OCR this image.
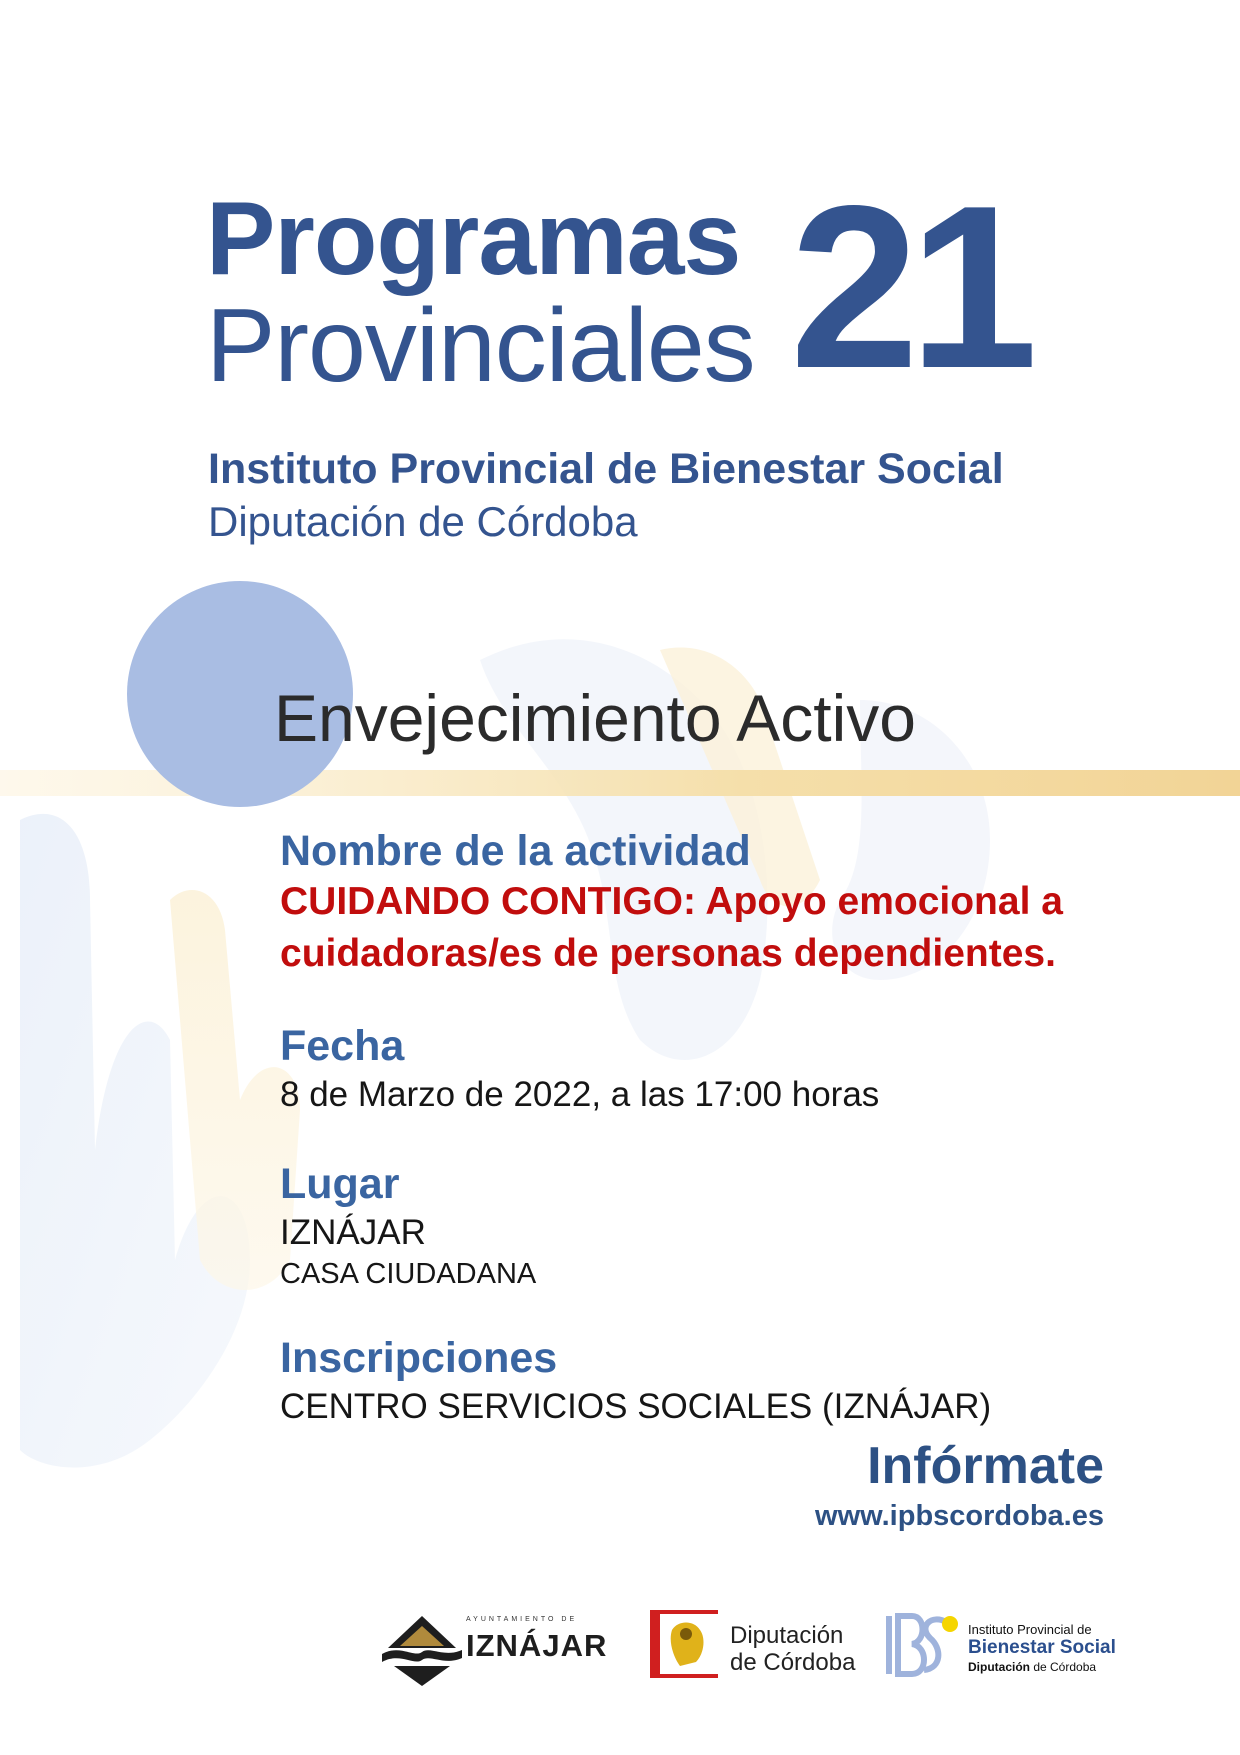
Programas
Provinciales 21
Instituto Provincial de Bienestar Social
Diputación de Córdoba
Envejecimiento Activo
Nombre de la actividad
CUIDANDO CONTIGO: Apoyo emocional a
cuidadoras/es de personas dependientes.
Fecha
8 de Marzo de 2022, a las 17:00 horas
Lugar
IZNÁJAR
CASA CIUDADANA
Inscripciones
CENTRO SERVICIOS SOCIALES (IZNÁJAR)
Infórmate
www.ipbscordoba.es
AYUNTAMIENTO DE
IZNÁJAR	Diputación
de Córdoba
Instituto Provincial de
Bienestar Social
Diputación de Córdoba
